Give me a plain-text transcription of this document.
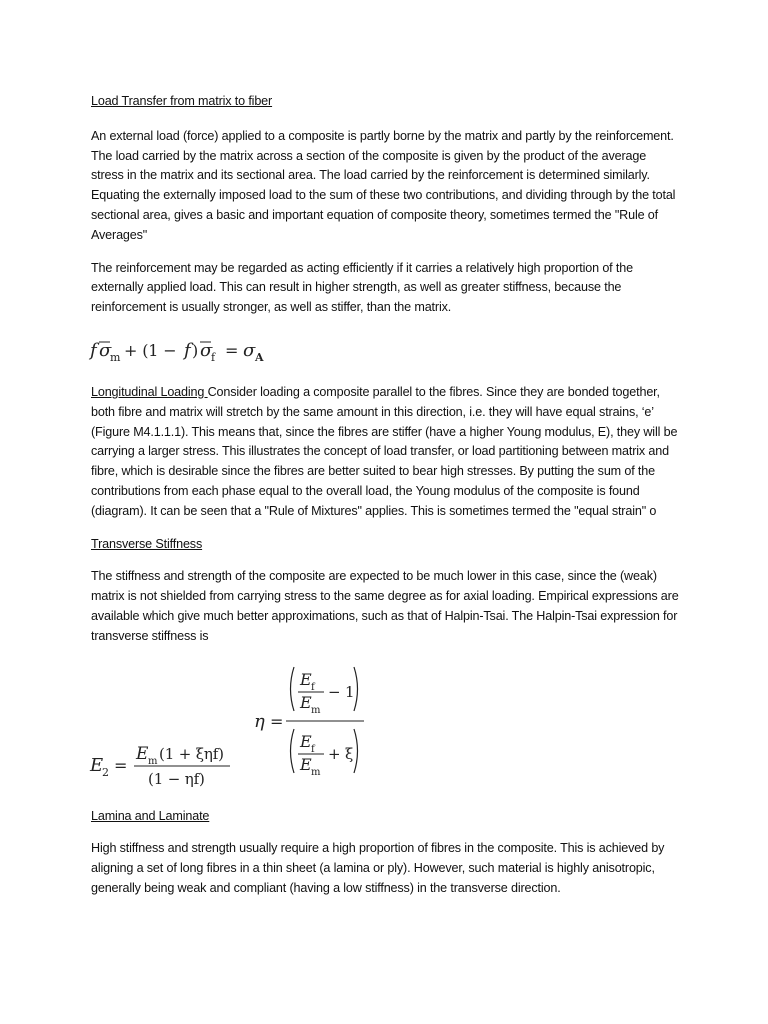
Load Transfer from matrix to fiber

An external load (force) applied to a composite is partly borne by the matrix and partly by the reinforcement. The load carried by the matrix across a section of the composite is given by the product of the average stress in the matrix and its sectional area. The load carried by the reinforcement is determined similarly. Equating the externally imposed load to the sum of these two contributions, and dividing through by the total sectional area, gives a basic and important equation of composite theory, sometimes termed the "Rule of Averages"

The reinforcement may be regarded as acting efficiently if it carries a relatively high proportion of the externally applied load. This can result in higher strength, as well as greater stiffness, because the reinforcement is usually stronger, as well as stiffer, than the matrix.

f σ
m + (1 − f ) σ
f = σ A

Longitudinal Loading Consider loading a composite parallel to the fibres. Since they are bonded together, both fibre and matrix will stretch by the same amount in this direction, i.e. they will have equal strains, ‘e’ (Figure M4.1.1.1). This means that, since the fibres are stiffer (have a higher Young modulus, E), they will be carrying a larger stress. This illustrates the concept of load transfer, or load partitioning between matrix and fibre, which is desirable since the fibres are better suited to bear high stresses. By putting the sum of the contributions from each phase equal to the overall load, the Young modulus of the composite is found (diagram). It can be seen that a "Rule of Mixtures" applies. This is sometimes termed the "equal strain" o

Transverse Stiffness

The stiffness and strength of the composite are expected to be much lower in this case, since the (weak) matrix is not shielded from carrying stress to the same degree as for axial loading. Empirical expressions are available which give much better approximations, such as that of Halpin-Tsai. The Halpin-Tsai expression for transverse stiffness is

E 2 =
E m (1 + ξηf)
(1 − ηf)
η =
E f
E m
− 1
E f
E m
+ ξ

Lamina and Laminate

High stiffness and strength usually require a high proportion of fibres in the composite. This is achieved by aligning a set of long fibres in a thin sheet (a lamina or ply). However, such material is highly anisotropic, generally being weak and compliant (having a low stiffness) in the transverse direction.
